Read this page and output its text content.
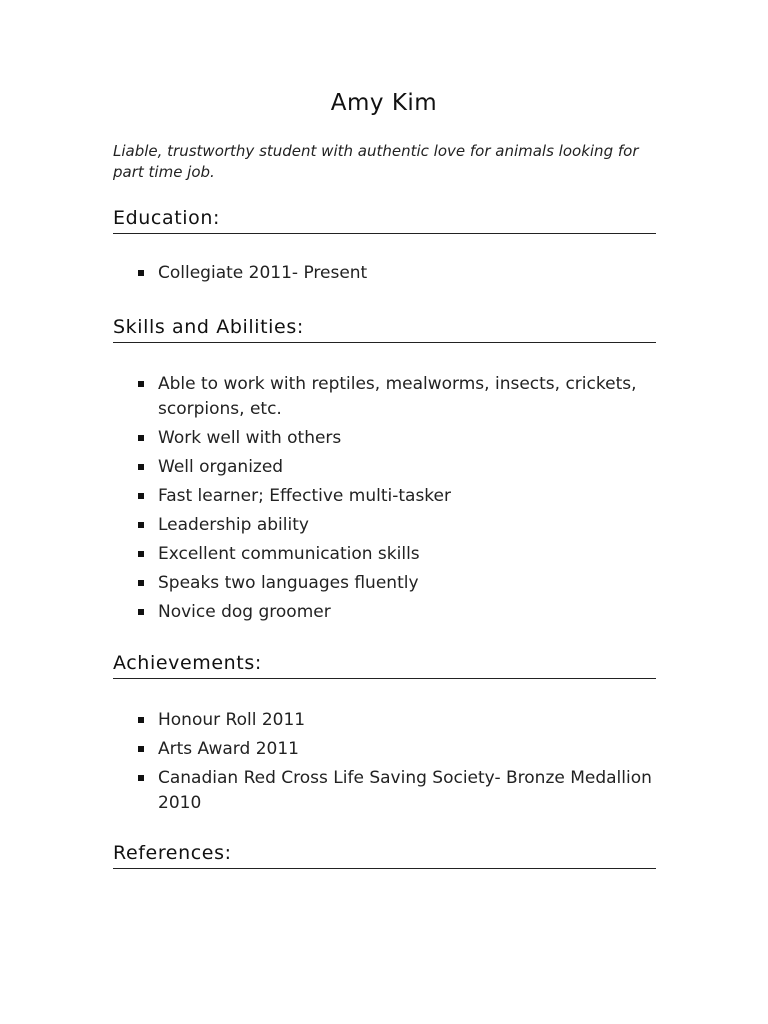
Amy Kim

Liable, trustworthy student with authentic love for animals looking for part time job.

Education:
Collegiate 2011- Present
Skills and Abilities:
Able to work with reptiles, mealworms, insects, crickets, scorpions, etc.
Work well with others
Well organized
Fast learner; Effective multi-tasker
Leadership ability
Excellent communication skills
Speaks two languages fluently
Novice dog groomer
Achievements:
Honour Roll 2011
Arts Award 2011
Canadian Red Cross Life Saving Society- Bronze Medallion 2010
References:
